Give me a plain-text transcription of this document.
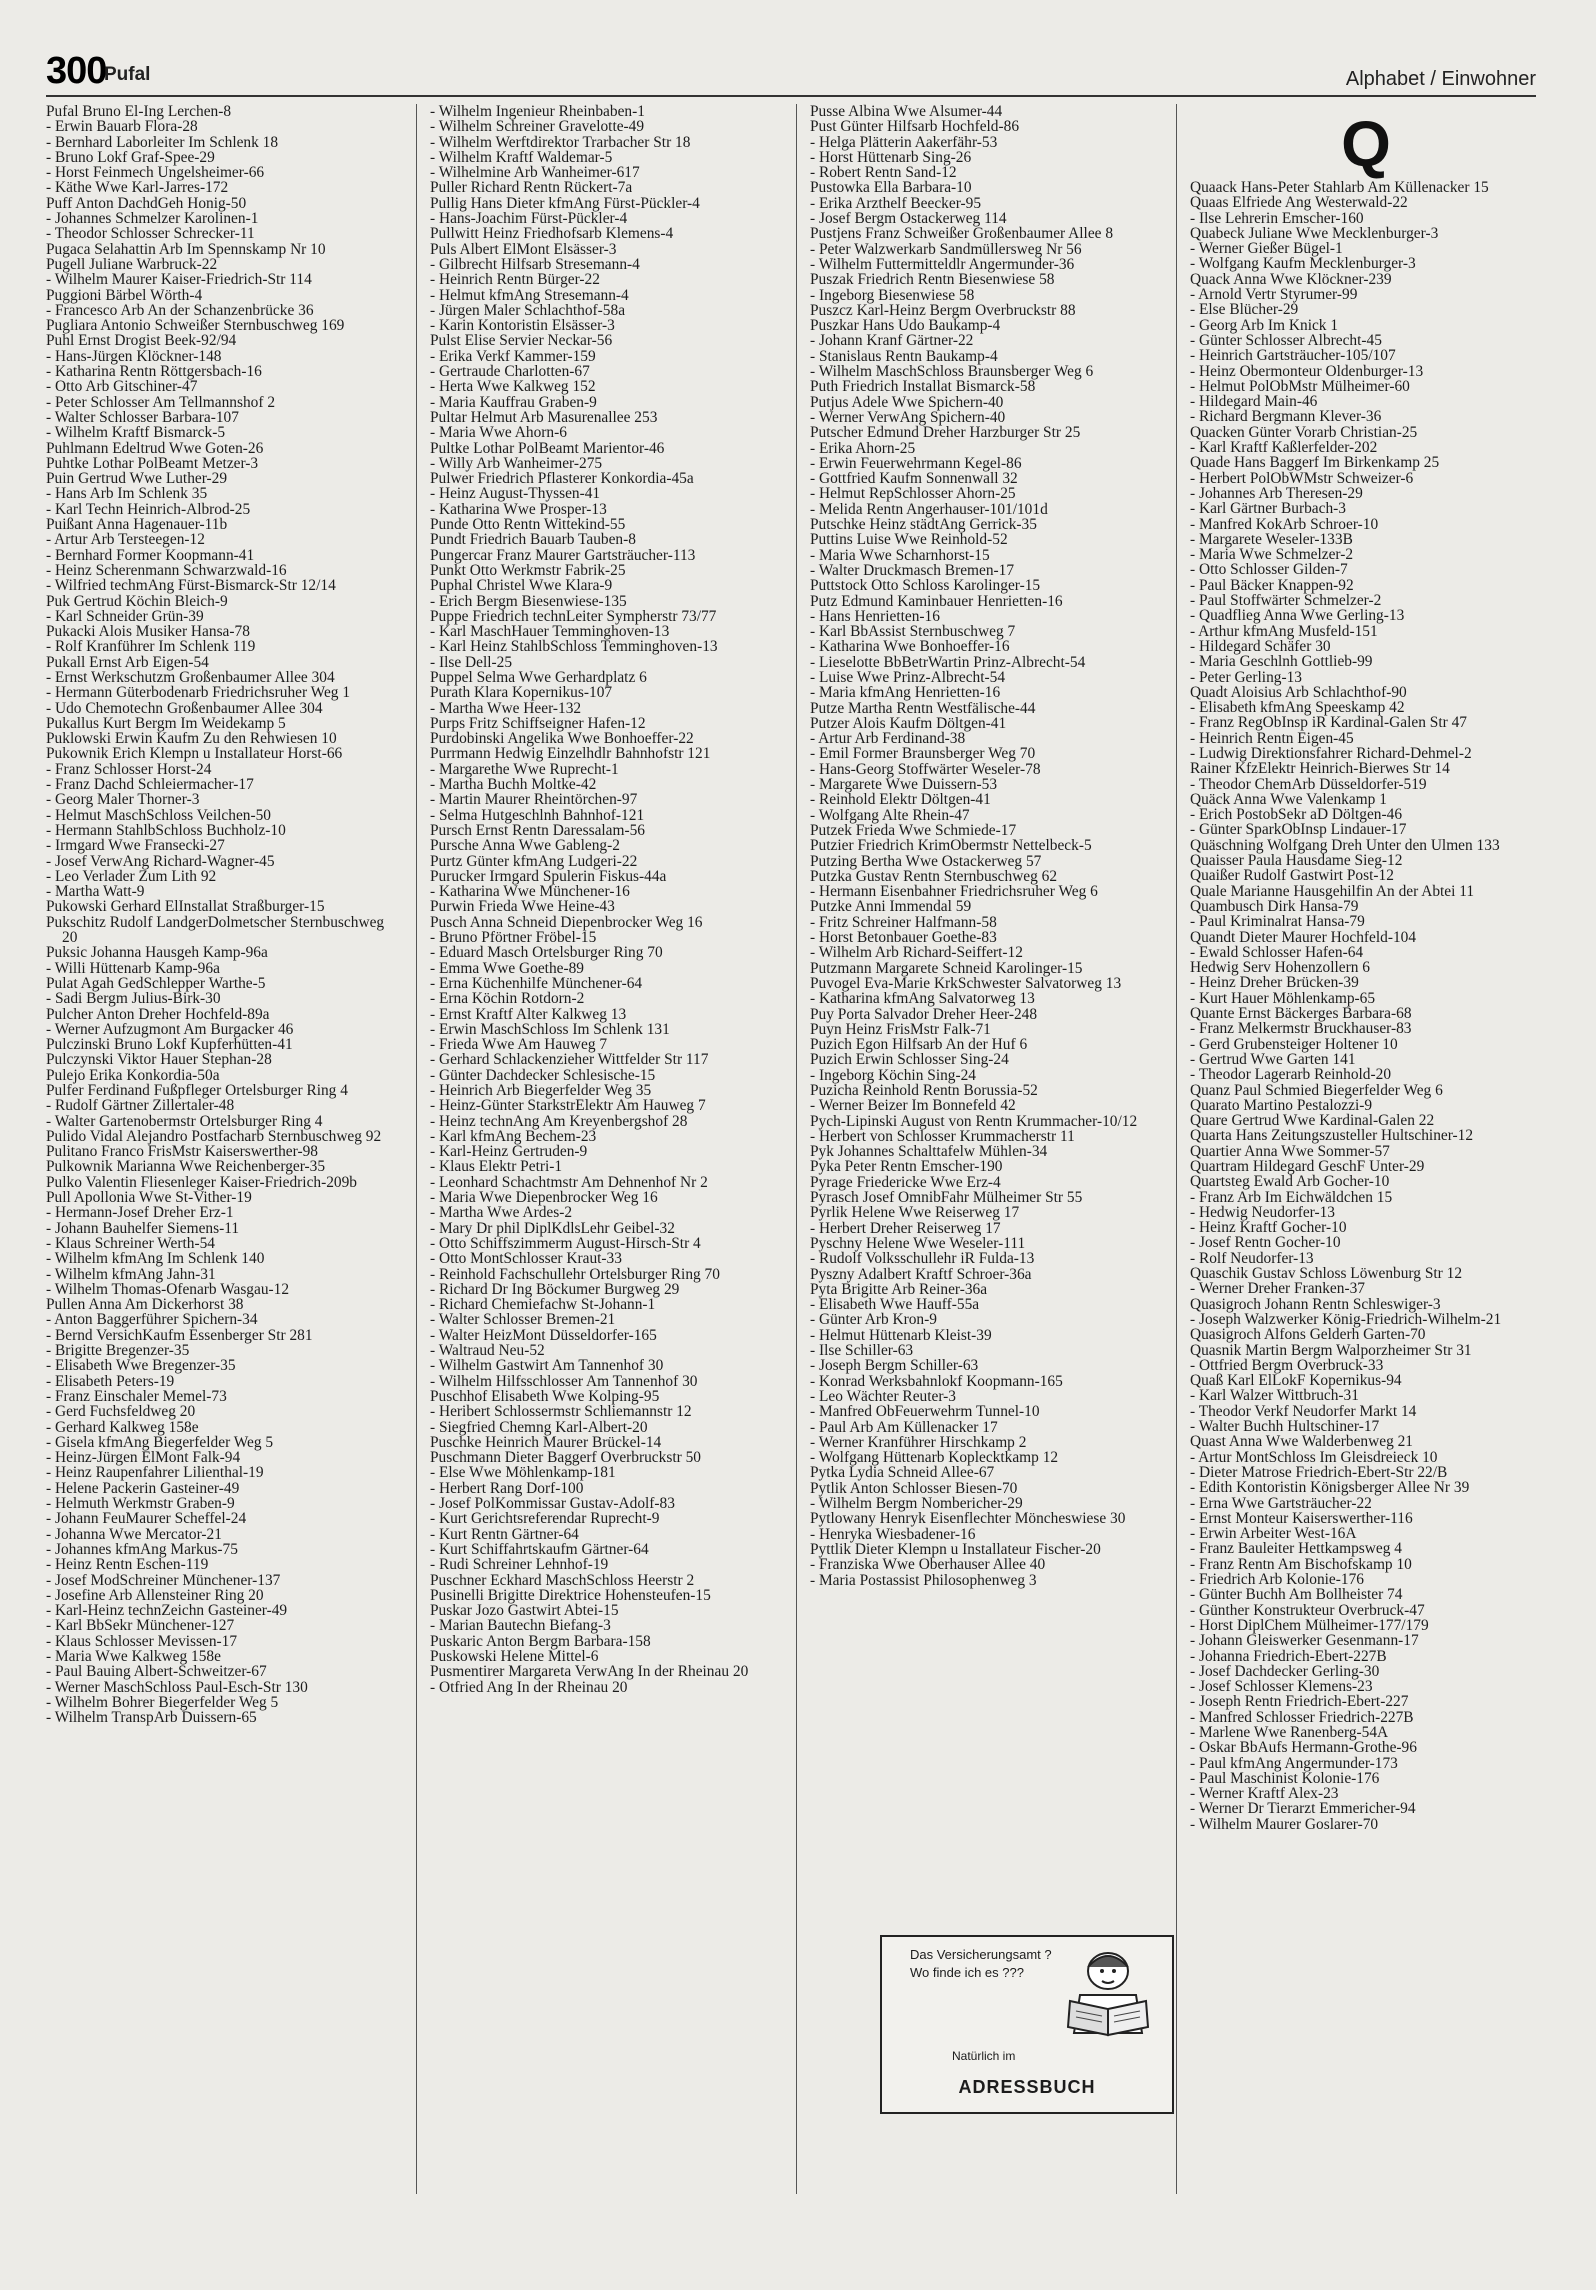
300
Pufal	Alphabet / Einwohner
Pufal Bruno El-Ing Lerchen-8
- Erwin Bauarb Flora-28
- Bernhard Laborleiter Im Schlenk 18
- Bruno Lokf Graf-Spee-29
- Horst Feinmech Ungelsheimer-66
- Käthe Wwe Karl-Jarres-172
Puff Anton DachdGeh Honig-50
- Johannes Schmelzer Karolinen-1
- Theodor Schlosser Schrecker-11
Pugaca Selahattin Arb Im Spennskamp Nr 10
Pugell Juliane Warbruck-22
- Wilhelm Maurer Kaiser-Friedrich-Str 114
Puggioni Bärbel Wörth-4
- Francesco Arb An der Schanzenbrücke 36
Pugliara Antonio Schweißer Sternbuschweg 169
Puhl Ernst Drogist Beek-92/94
- Hans-Jürgen Klöckner-148
- Katharina Rentn Röttgersbach-16
- Otto Arb Gitschiner-47
- Peter Schlosser Am Tellmannshof 2
- Walter Schlosser Barbara-107
- Wilhelm Kraftf Bismarck-5
Puhlmann Edeltrud Wwe Goten-26
Puhtke Lothar PolBeamt Metzer-3
Puin Gertrud Wwe Luther-29
- Hans Arb Im Schlenk 35
- Karl Techn Heinrich-Albrod-25
Puißant Anna Hagenauer-11b
- Artur Arb Tersteegen-12
- Bernhard Former Koopmann-41
- Heinz Scherenmann Schwarzwald-16
- Wilfried techmAng Fürst-Bismarck-Str 12/14
Puk Gertrud Köchin Bleich-9
- Karl Schneider Grün-39
Pukacki Alois Musiker Hansa-78
- Rolf Kranführer Im Schlenk 119
Pukall Ernst Arb Eigen-54
- Ernst Werkschutzm Großenbaumer Allee 304
- Hermann Güterbodenarb Friedrichsruher Weg 1
- Udo Chemotechn Großenbaumer Allee 304
Pukallus Kurt Bergm Im Weidekamp 5
Puklowski Erwin Kaufm Zu den Rehwiesen 10
Pukownik Erich Klempn u Installateur Horst-66
- Franz Schlosser Horst-24
- Franz Dachd Schleiermacher-17
- Georg Maler Thorner-3
- Helmut MaschSchloss Veilchen-50
- Hermann StahlbSchloss Buchholz-10
- Irmgard Wwe Fransecki-27
- Josef VerwAng Richard-Wagner-45
- Leo Verlader Zum Lith 92
- Martha Watt-9
Pukowski Gerhard ElInstallat Straßburger-15
Pukschitz Rudolf LandgerDolmetscher Sternbuschweg 20
Puksic Johanna Hausgeh Kamp-96a
- Willi Hüttenarb Kamp-96a
Pulat Agah GedSchlepper Warthe-5
- Sadi Bergm Julius-Birk-30
Pulcher Anton Dreher Hochfeld-89a
- Werner Aufzugmont Am Burgacker 46
Pulczinski Bruno Lokf Kupferhütten-41
Pulczynski Viktor Hauer Stephan-28
Pulejo Erika Konkordia-50a
Pulfer Ferdinand Fußpfleger Ortelsburger Ring 4
- Rudolf Gärtner Zillertaler-48
- Walter Gartenobermstr Ortelsburger Ring 4
Pulido Vidal Alejandro Postfacharb Sternbuschweg 92
Pulitano Franco FrisMstr Kaiserswerther-98
Pulkownik Marianna Wwe Reichenberger-35
Pulko Valentin Fliesenleger Kaiser-Friedrich-209b
Pull Apollonia Wwe St-Vither-19
- Hermann-Josef Dreher Erz-1
- Johann Bauhelfer Siemens-11
- Klaus Schreiner Werth-54
- Wilhelm kfmAng Im Schlenk 140
- Wilhelm kfmAng Jahn-31
- Wilhelm Thomas-Ofenarb Wasgau-12
Pullen Anna Am Dickerhorst 38
- Anton Baggerführer Spichern-34
- Bernd VersichKaufm Essenberger Str 281
- Brigitte Bregenzer-35
- Elisabeth Wwe Bregenzer-35
- Elisabeth Peters-19
- Franz Einschaler Memel-73
- Gerd Fuchsfeldweg 20
- Gerhard Kalkweg 158e
- Gisela kfmAng Biegerfelder Weg 5
- Heinz-Jürgen ElMont Falk-94
- Heinz Raupenfahrer Lilienthal-19
- Helene Packerin Gasteiner-49
- Helmuth Werkmstr Graben-9
- Johann FeuMaurer Scheffel-24
- Johanna Wwe Mercator-21
- Johannes kfmAng Markus-75
- Heinz Rentn Eschen-119
- Josef ModSchreiner Münchener-137
- Josefine Arb Allensteiner Ring 20
- Karl-Heinz technZeichn Gasteiner-49
- Karl BbSekr Münchener-127
- Klaus Schlosser Mevissen-17
- Maria Wwe Kalkweg 158e
- Paul Bauing Albert-Schweitzer-67
- Werner MaschSchloss Paul-Esch-Str 130
- Wilhelm Bohrer Biegerfelder Weg 5
- Wilhelm TranspArb Duissern-65
- Wilhelm Ingenieur Rheinbaben-1
- Wilhelm Schreiner Gravelotte-49
- Wilhelm Werftdirektor Trarbacher Str 18
- Wilhelm Kraftf Waldemar-5
- Wilhelmine Arb Wanheimer-617
Puller Richard Rentn Rückert-7a
Pullig Hans Dieter kfmAng Fürst-Pückler-4
- Hans-Joachim Fürst-Pückler-4
Pullwitt Heinz Friedhofsarb Klemens-4
Puls Albert ElMont Elsässer-3
- Gilbrecht Hilfsarb Stresemann-4
- Heinrich Rentn Bürger-22
- Helmut kfmAng Stresemann-4
- Jürgen Maler Schlachthof-58a
- Karin Kontoristin Elsässer-3
Pulst Elise Servier Neckar-56
- Erika Verkf Kammer-159
- Gertraude Charlotten-67
- Herta Wwe Kalkweg 152
- Maria Kauffrau Graben-9
Pultar Helmut Arb Masurenallee 253
- Maria Wwe Ahorn-6
Pultke Lothar PolBeamt Marientor-46
- Willy Arb Wanheimer-275
Pulwer Friedrich Pflasterer Konkordia-45a
- Heinz August-Thyssen-41
- Katharina Wwe Prosper-13
Punde Otto Rentn Wittekind-55
Pundt Friedrich Bauarb Tauben-8
Pungercar Franz Maurer Gartsträucher-113
Punkt Otto Werkmstr Fabrik-25
Puphal Christel Wwe Klara-9
- Erich Bergm Biesenwiese-135
Puppe Friedrich technLeiter Sympherstr 73/77
- Karl MaschHauer Temminghoven-13
- Karl Heinz StahlbSchloss Temminghoven-13
- Ilse Dell-25
Puppel Selma Wwe Gerhardplatz 6
Purath Klara Kopernikus-107
- Martha Wwe Heer-132
Purps Fritz Schiffseigner Hafen-12
Purdobinski Angelika Wwe Bonhoeffer-22
Purrmann Hedwig Einzelhdlr Bahnhofstr 121
- Margarethe Wwe Ruprecht-1
- Martha Buchh Moltke-42
- Martin Maurer Rheintörchen-97
- Selma Hutgeschlnh Bahnhof-121
Pursch Ernst Rentn Daressalam-56
Pursche Anna Wwe Gableng-2
Purtz Günter kfmAng Ludgeri-22
Purucker Irmgard Spulerin Fiskus-44a
- Katharina Wwe Münchener-16
Purwin Frieda Wwe Heine-43
Pusch Anna Schneid Diepenbrocker Weg 16
- Bruno Pförtner Fröbel-15
- Eduard Masch Ortelsburger Ring 70
- Emma Wwe Goethe-89
- Erna Küchenhilfe Münchener-64
- Erna Köchin Rotdorn-2
- Ernst Kraftf Alter Kalkweg 13
- Erwin MaschSchloss Im Schlenk 131
- Frieda Wwe Am Hauweg 7
- Gerhard Schlackenzieher Wittfelder Str 117
- Günter Dachdecker Schlesische-15
- Heinrich Arb Biegerfelder Weg 35
- Heinz-Günter StarkstrElektr Am Hauweg 7
- Heinz technAng Am Kreyenbergshof 28
- Karl kfmAng Bechem-23
- Karl-Heinz Gertruden-9
- Klaus Elektr Petri-1
- Leonhard Schachtmstr Am Dehnenhof Nr 2
- Maria Wwe Diepenbrocker Weg 16
- Martha Wwe Ardes-2
- Mary Dr phil DiplKdlsLehr Geibel-32
- Otto Schiffszimmerm August-Hirsch-Str 4
- Otto MontSchlosser Kraut-33
- Reinhold Fachschullehr Ortelsburger Ring 70
- Richard Dr Ing Böckumer Burgweg 29
- Richard Chemiefachw St-Johann-1
- Walter Schlosser Bremen-21
- Walter HeizMont Düsseldorfer-165
- Waltraud Neu-52
- Wilhelm Gastwirt Am Tannenhof 30
- Wilhelm Hilfsschlosser Am Tannenhof 30
Puschhof Elisabeth Wwe Kolping-95
- Heribert Schlossermstr Schliemannstr 12
- Siegfried Chemng Karl-Albert-20
Puschke Heinrich Maurer Brückel-14
Puschmann Dieter Baggerf Overbruckstr 50
- Else Wwe Möhlenkamp-181
- Herbert Rang Dorf-100
- Josef PolKommissar Gustav-Adolf-83
- Kurt Gerichtsreferendar Ruprecht-9
- Kurt Rentn Gärtner-64
- Kurt Schiffahrtskaufm Gärtner-64
- Rudi Schreiner Lehnhof-19
Puschner Eckhard MaschSchloss Heerstr 2
Pusinelli Brigitte Direktrice Hohensteufen-15
Puskar Jozo Gastwirt Abtei-15
- Marian Bautechn Biefang-3
Puskaric Anton Bergm Barbara-158
Puskowski Helene Mittel-6
Pusmentirer Margareta VerwAng In der Rheinau 20
- Otfried Ang In der Rheinau 20
Pusse Albina Wwe Alsumer-44
Pust Günter Hilfsarb Hochfeld-86
- Helga Plätterin Aakerfähr-53
- Horst Hüttenarb Sing-26
- Robert Rentn Sand-12
Pustowka Ella Barbara-10
- Erika Arzthelf Beecker-95
- Josef Bergm Ostackerweg 114
Pustjens Franz Schweißer Großenbaumer Allee 8
- Peter Walzwerkarb Sandmüllersweg Nr 56
- Wilhelm Futtermitteldlr Angermunder-36
Puszak Friedrich Rentn Biesenwiese 58
- Ingeborg Biesenwiese 58
Puszcz Karl-Heinz Bergm Overbruckstr 88
Puszkar Hans Udo Baukamp-4
- Johann Kranf Gärtner-22
- Stanislaus Rentn Baukamp-4
- Wilhelm MaschSchloss Braunsberger Weg 6
Puth Friedrich Installat Bismarck-58
Putjus Adele Wwe Spichern-40
- Werner VerwAng Spichern-40
Putscher Edmund Dreher Harzburger Str 25
- Erika Ahorn-25
- Erwin Feuerwehrmann Kegel-86
- Gottfried Kaufm Sonnenwall 32
- Helmut RepSchlosser Ahorn-25
- Melida Rentn Angerhauser-101/101d
Putschke Heinz städtAng Gerrick-35
Puttins Luise Wwe Reinhold-52
- Maria Wwe Scharnhorst-15
- Walter Druckmasch Bremen-17
Puttstock Otto Schloss Karolinger-15
Putz Edmund Kaminbauer Henrietten-16
- Hans Henrietten-16
- Karl BbAssist Sternbuschweg 7
- Katharina Wwe Bonhoeffer-16
- Lieselotte BbBetrWartin Prinz-Albrecht-54
- Luise Wwe Prinz-Albrecht-54
- Maria kfmAng Henrietten-16
Putze Martha Rentn Westfälische-44
Putzer Alois Kaufm Döltgen-41
- Artur Arb Ferdinand-38
- Emil Former Braunsberger Weg 70
- Hans-Georg Stoffwärter Weseler-78
- Margarete Wwe Duissern-53
- Reinhold Elektr Döltgen-41
- Wolfgang Alte Rhein-47
Putzek Frieda Wwe Schmiede-17
Putzier Friedrich KrimObermstr Nettelbeck-5
Putzing Bertha Wwe Ostackerweg 57
Putzka Gustav Rentn Sternbuschweg 62
- Hermann Eisenbahner Friedrichsruher Weg 6
Putzke Anni Immendal 59
- Fritz Schreiner Halfmann-58
- Horst Betonbauer Goethe-83
- Wilhelm Arb Richard-Seiffert-12
Putzmann Margarete Schneid Karolinger-15
Puvogel Eva-Marie KrkSchwester Salvatorweg 13
- Katharina kfmAng Salvatorweg 13
Puy Porta Salvador Dreher Heer-248
Puyn Heinz FrisMstr Falk-71
Puzich Egon Hilfsarb An der Huf 6
Puzich Erwin Schlosser Sing-24
- Ingeborg Köchin Sing-24
Puzicha Reinhold Rentn Borussia-52
- Werner Beizer Im Bonnefeld 42
Pych-Lipinski August von Rentn Krummacher-10/12
- Herbert von Schlosser Krummacherstr 11
Pyk Johannes Schalttafelw Mühlen-34
Pyka Peter Rentn Emscher-190
Pyrage Friedericke Wwe Erz-4
Pyrasch Josef OmnibFahr Mülheimer Str 55
Pyrlik Helene Wwe Reiserweg 17
- Herbert Dreher Reiserweg 17
Pyschny Helene Wwe Weseler-111
- Rudolf Volksschullehr iR Fulda-13
Pyszny Adalbert Kraftf Schroer-36a
Pyta Brigitte Arb Reiner-36a
- Elisabeth Wwe Hauff-55a
- Günter Arb Kron-9
- Helmut Hüttenarb Kleist-39
- Ilse Schiller-63
- Joseph Bergm Schiller-63
- Konrad Werksbahnlokf Koopmann-165
- Leo Wächter Reuter-3
- Manfred ObFeuerwehrm Tunnel-10
- Paul Arb Am Küllenacker 17
- Werner Kranführer Hirschkamp 2
- Wolfgang Hüttenarb Koplecktkamp 12
Pytka Lydia Schneid Allee-67
Pytlik Anton Schlosser Biesen-70
- Wilhelm Bergm Nombericher-29
Pytlowany Henryk Eisenflechter Möncheswiese 30
- Henryka Wiesbadener-16
Pyttlik Dieter Klempn u Installateur Fischer-20
- Franziska Wwe Oberhauser Allee 40
- Maria Postassist Philosophenweg 3
Q
Quaack Hans-Peter Stahlarb Am Küllenacker 15
Quaas Elfriede Ang Westerwald-22
- Ilse Lehrerin Emscher-160
Quabeck Juliane Wwe Mecklenburger-3
- Werner Gießer Bügel-1
- Wolfgang Kaufm Mecklenburger-3
Quack Anna Wwe Klöckner-239
- Arnold Vertr Styrumer-99
- Else Blücher-29
- Georg Arb Im Knick 1
- Günter Schlosser Albrecht-45
- Heinrich Gartsträucher-105/107
- Heinz Obermonteur Oldenburger-13
- Helmut PolObMstr Mülheimer-60
- Hildegard Main-46
- Richard Bergmann Klever-36
Quacken Günter Vorarb Christian-25
- Karl Kraftf Kaßlerfelder-202
Quade Hans Baggerf Im Birkenkamp 25
- Herbert PolObWMstr Schweizer-6
- Johannes Arb Theresen-29
- Karl Gärtner Burbach-3
- Manfred KokArb Schroer-10
- Margarete Weseler-133B
- Maria Wwe Schmelzer-2
- Otto Schlosser Gilden-7
- Paul Bäcker Knappen-92
- Paul Stoffwärter Schmelzer-2
- Quadflieg Anna Wwe Gerling-13
- Arthur kfmAng Musfeld-151
- Hildegard Schäfer 30
- Maria Geschlnh Gottlieb-99
- Peter Gerling-13
Quadt Aloisius Arb Schlachthof-90
- Elisabeth kfmAng Speeskamp 42
- Franz RegObInsp iR Kardinal-Galen Str 47
- Heinrich Rentn Eigen-45
- Ludwig Direktionsfahrer Richard-Dehmel-2
Rainer KfzElektr Heinrich-Bierwes Str 14
- Theodor ChemArb Düsseldorfer-519
Quäck Anna Wwe Valenkamp 1
- Erich PostobSekr aD Döltgen-46
- Günter SparkObInsp Lindauer-17
Quäschning Wolfgang Dreh Unter den Ulmen 133
Quaisser Paula Hausdame Sieg-12
Quaißer Rudolf Gastwirt Post-12
Quale Marianne Hausgehilfin An der Abtei 11
Quambusch Dirk Hansa-79
- Paul Kriminalrat Hansa-79
Quandt Dieter Maurer Hochfeld-104
- Ewald Schlosser Hafen-64
Hedwig Serv Hohenzollern 6
- Heinz Dreher Brücken-39
- Kurt Hauer Möhlenkamp-65
Quante Ernst Bäckerges Barbara-68
- Franz Melkermstr Bruckhauser-83
- Gerd Grubensteiger Holtener 10
- Gertrud Wwe Garten 141
- Theodor Lagerarb Reinhold-20
Quanz Paul Schmied Biegerfelder Weg 6
Quarato Martino Pestalozzi-9
Quare Gertrud Wwe Kardinal-Galen 22
Quarta Hans Zeitungszusteller Hultschiner-12
Quartier Anna Wwe Sommer-57
Quartram Hildegard GeschF Unter-29
Quartsteg Ewald Arb Gocher-10
- Franz Arb Im Eichwäldchen 15
- Hedwig Neudorfer-13
- Heinz Kraftf Gocher-10
- Josef Rentn Gocher-10
- Rolf Neudorfer-13
Quaschik Gustav Schloss Löwenburg Str 12
- Werner Dreher Franken-37
Quasigroch Johann Rentn Schleswiger-3
- Joseph Walzwerker König-Friedrich-Wilhelm-21
Quasigroch Alfons Gelderh Garten-70
Quasnik Martin Bergm Walporzheimer Str 31
- Ottfried Bergm Overbruck-33
Quaß Karl ElLokF Kopernikus-94
- Karl Walzer Wittbruch-31
- Theodor Verkf Neudorfer Markt 14
- Walter Buchh Hultschiner-17
Quast Anna Wwe Walderbenweg 21
- Artur MontSchloss Im Gleisdreieck 10
- Dieter Matrose Friedrich-Ebert-Str 22/B
- Edith Kontoristin Königsberger Allee Nr 39
- Erna Wwe Gartsträucher-22
- Ernst Monteur Kaiserswerther-116
- Erwin Arbeiter West-16A
- Franz Bauleiter Hettkampsweg 4
- Franz Rentn Am Bischofskamp 10
- Friedrich Arb Kolonie-176
- Günter Buchh Am Bollheister 74
- Günther Konstrukteur Overbruck-47
- Horst DiplChem Mülheimer-177/179
- Johann Gleiswerker Gesenmann-17
- Johanna Friedrich-Ebert-227B
- Josef Dachdecker Gerling-30
- Josef Schlosser Klemens-23
- Joseph Rentn Friedrich-Ebert-227
- Manfred Schlosser Friedrich-227B
- Marlene Wwe Ranenberg-54A
- Oskar BbAufs Hermann-Grothe-96
- Paul kfmAng Angermunder-173
- Paul Maschinist Kolonie-176
- Werner Kraftf Alex-23
- Werner Dr Tierarzt Emmericher-94
- Wilhelm Maurer Goslarer-70
Das Versicherungsamt ?
Wo finde ich es ???
Natürlich im
ADRESSBUCH
